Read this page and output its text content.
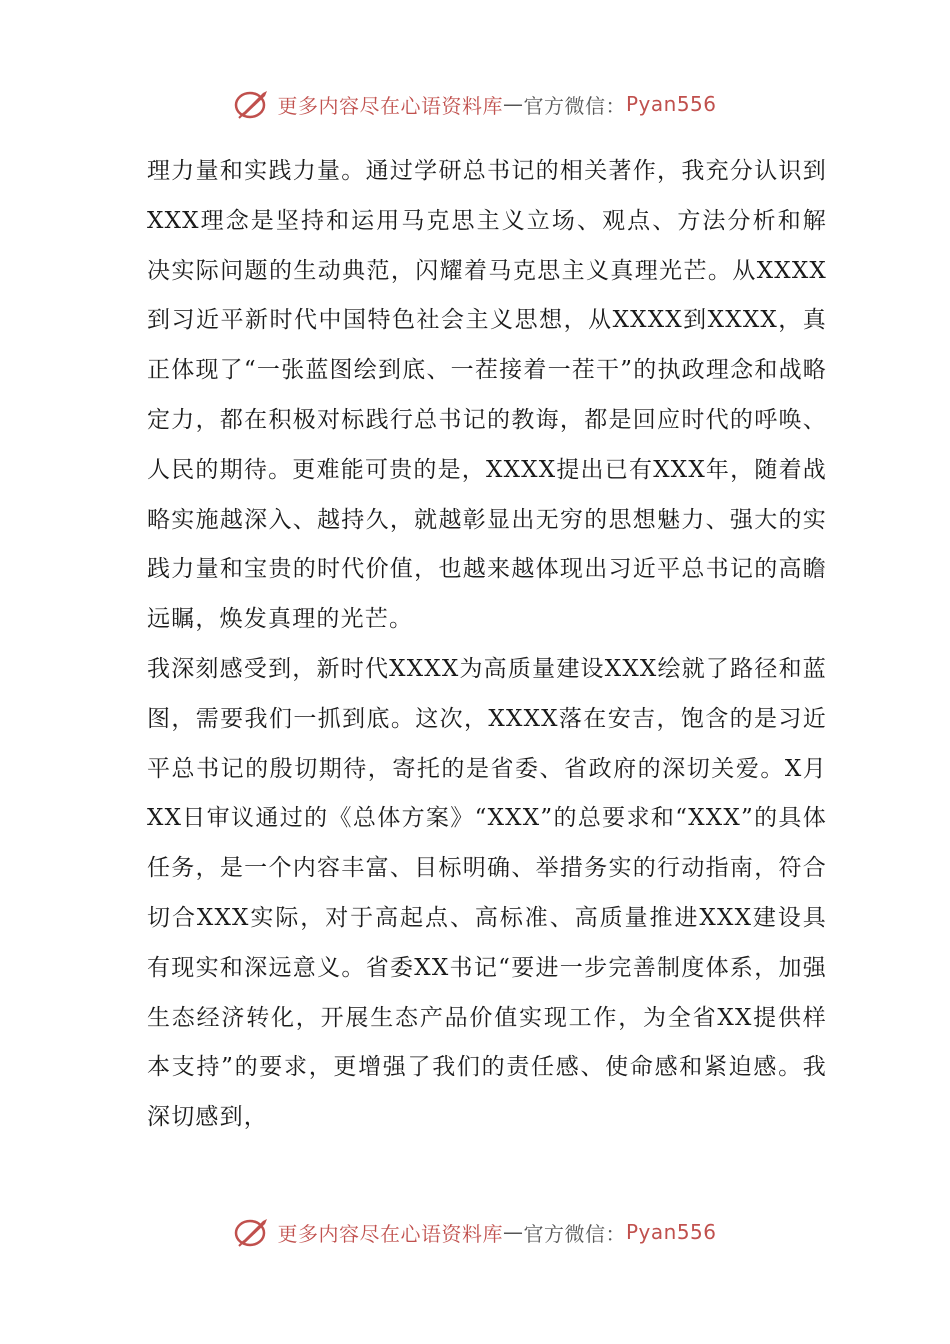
更多内容尽在心语资料库 — 官方微信： Pyan556

理力量和实践力量。通过学研总书记的相关著作，我充分认识到XXX理念是坚持和运用马克思主义立场、观点、方法分析和解决实际问题的生动典范，闪耀着马克思主义真理光芒。从XXXX到习近平新时代中国特色社会主义思想，从XXXX到XXXX，真正体现了“一张蓝图绘到底、一茬接着一茬干”的执政理念和战略定力，都在积极对标践行总书记的教诲，都是回应时代的呼唤、人民的期待。更难能可贵的是，XXXX提出已有XXX年，随着战略实施越深入、越持久，就越彰显出无穷的思想魅力、强大的实践力量和宝贵的时代价值，也越来越体现出习近平总书记的高瞻远瞩，焕发真理的光芒。

我深刻感受到，新时代XXXX为高质量建设XXX绘就了路径和蓝图，需要我们一抓到底。这次，XXXX落在安吉，饱含的是习近平总书记的殷切期待，寄托的是省委、省政府的深切关爱。X月XX日审议通过的《总体方案》“XXX”的总要求和“XXX”的具体任务，是一个内容丰富、目标明确、举措务实的行动指南，符合切合XXX实际，对于高起点、高标准、高质量推进XXX建设具有现实和深远意义。省委XX书记“要进一步完善制度体系，加强生态经济转化，开展生态产品价值实现工作，为全省XX提供样本支持”的要求，更增强了我们的责任感、使命感和紧迫感。我深切感到，

更多内容尽在心语资料库 — 官方微信： Pyan556
